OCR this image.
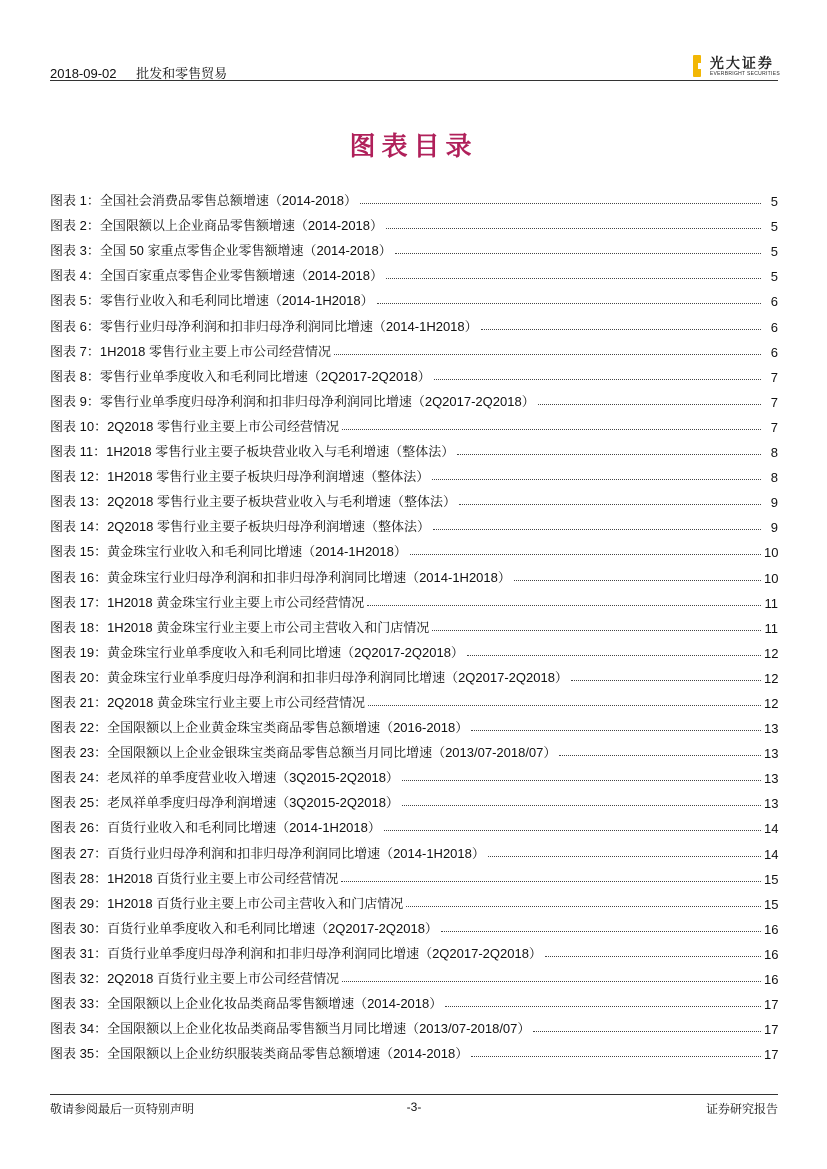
2018-09-02 批发和零售贸易
光大证券
EVERBRIGHT SECURITIES
图表目录
图表 1：全国社会消费品零售总额增速（2014-2018）	5
图表 2：全国限额以上企业商品零售额增速（2014-2018）	5
图表 3：全国 50 家重点零售企业零售额增速（2014-2018）	5
图表 4：全国百家重点零售企业零售额增速（2014-2018）	5
图表 5：零售行业收入和毛利同比增速（2014-1H2018）	6
图表 6：零售行业归母净利润和扣非归母净利润同比增速（2014-1H2018）	6
图表 7：1H2018 零售行业主要上市公司经营情况	6
图表 8：零售行业单季度收入和毛利同比增速（2Q2017-2Q2018）	7
图表 9：零售行业单季度归母净利润和扣非归母净利润同比增速（2Q2017-2Q2018）	7
图表 10：2Q2018 零售行业主要上市公司经营情况	7
图表 11：1H2018 零售行业主要子板块营业收入与毛利增速（整体法）	8
图表 12：1H2018 零售行业主要子板块归母净利润增速（整体法）	8
图表 13：2Q2018 零售行业主要子板块营业收入与毛利增速（整体法）	9
图表 14：2Q2018 零售行业主要子板块归母净利润增速（整体法）	9
图表 15：黄金珠宝行业收入和毛利同比增速（2014-1H2018）	10
图表 16：黄金珠宝行业归母净利润和扣非归母净利润同比增速（2014-1H2018）	10
图表 17：1H2018 黄金珠宝行业主要上市公司经营情况	11
图表 18：1H2018 黄金珠宝行业主要上市公司主营收入和门店情况	11
图表 19：黄金珠宝行业单季度收入和毛利同比增速（2Q2017-2Q2018）	12
图表 20：黄金珠宝行业单季度归母净利润和扣非归母净利润同比增速（2Q2017-2Q2018）	12
图表 21：2Q2018 黄金珠宝行业主要上市公司经营情况	12
图表 22：全国限额以上企业黄金珠宝类商品零售总额增速（2016-2018）	13
图表 23：全国限额以上企业金银珠宝类商品零售总额当月同比增速（2013/07-2018/07）	13
图表 24：老凤祥的单季度营业收入增速（3Q2015-2Q2018）	13
图表 25：老凤祥单季度归母净利润增速（3Q2015-2Q2018）	13
图表 26：百货行业收入和毛利同比增速（2014-1H2018）	14
图表 27：百货行业归母净利润和扣非归母净利润同比增速（2014-1H2018）	14
图表 28：1H2018 百货行业主要上市公司经营情况	15
图表 29：1H2018 百货行业主要上市公司主营收入和门店情况	15
图表 30：百货行业单季度收入和毛利同比增速（2Q2017-2Q2018）	16
图表 31：百货行业单季度归母净利润和扣非归母净利润同比增速（2Q2017-2Q2018）	16
图表 32：2Q2018 百货行业主要上市公司经营情况	16
图表 33：全国限额以上企业化妆品类商品零售额增速（2014-2018）	17
图表 34：全国限额以上企业化妆品类商品零售额当月同比增速（2013/07-2018/07）	17
图表 35：全国限额以上企业纺织服装类商品零售总额增速（2014-2018）	17
敬请参阅最后一页特别声明	-3-	证券研究报告
